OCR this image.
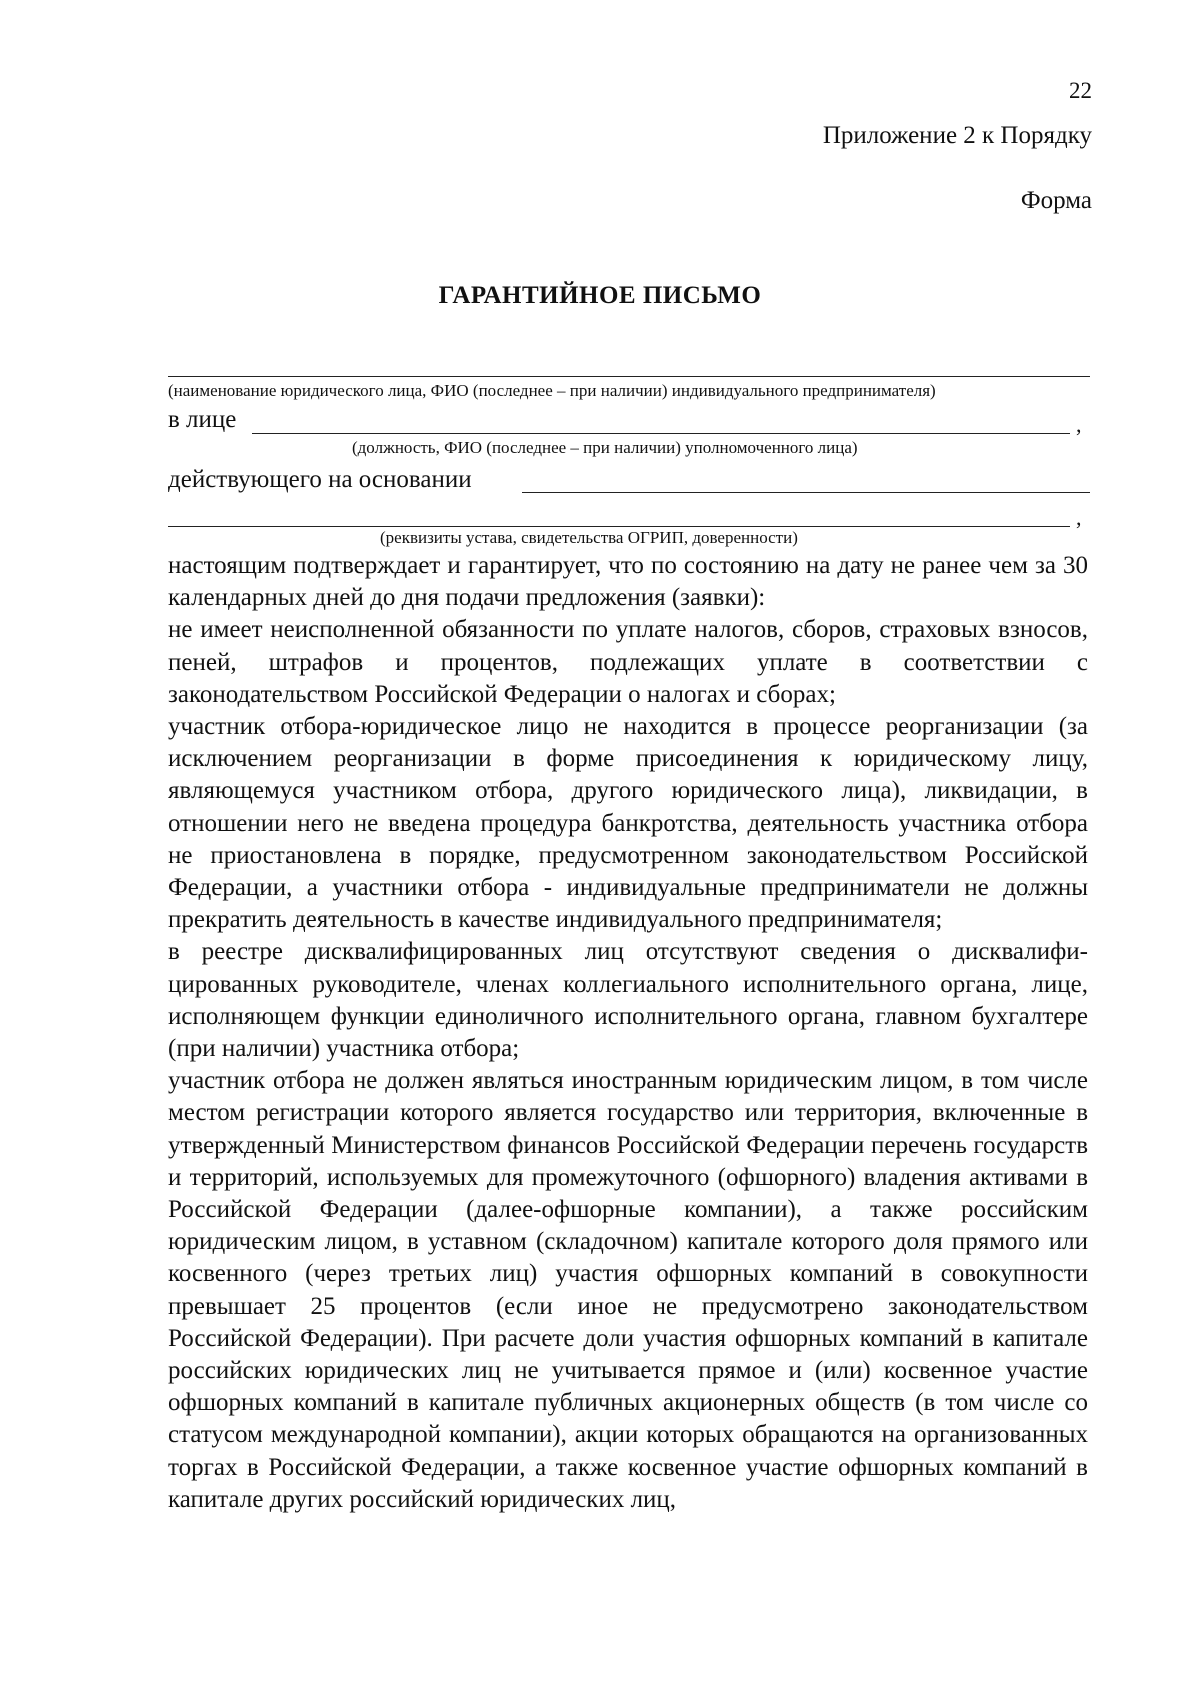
22
Приложение 2 к Порядку
Форма
ГАРАНТИЙНОЕ ПИСЬМО
(наименование юридического лица, ФИО (последнее – при наличии) индивидуального предпринимателя)
в лице	,
(должность, ФИО (последнее – при наличии) уполномоченного лица)
действующего на основании
,
(реквизиты устава, свидетельства ОГРИП, доверенности)

настоящим подтверждает и гарантирует, что по состоянию на дату не ранее чем за 30 календарных дней до дня подачи предложения (заявки):

не имеет неисполненной обязанности по уплате налогов, сборов, страховых взносов, пеней, штрафов и процентов, подлежащих уплате в соответствии с законодательством Российской Федерации о налогах и сборах;

участник отбора-юридическое лицо не находится в процессе реорганизации (за исключением реорганизации в форме присоединения к юридическому лицу, являющемуся участником отбора, другого юридического лица), ликвидации, в отношении него не введена процедура банкротства, деятельность участника отбора не приостановлена в порядке, предусмотренном законодательством Российской Федерации, а участники отбора - индивидуальные предприниматели не должны прекратить деятельность в качестве индивидуального предпринимателя;

в реестре дисквалифицированных лиц отсутствуют сведения о дисквалифицированных руководителе, членах коллегиального исполнительного органа, лице, исполняющем функции единоличного исполнительного органа, главном бухгалтере (при наличии) участника отбора;

участник отбора не должен являться иностранным юридическим лицом, в том числе местом регистрации которого является государство или территория, включенные в утвержденный Министерством финансов Российской Федерации перечень государств и территорий, используемых для промежуточного (офшорного) владения активами в Российской Федерации (далее-офшорные компании), а также российским юридическим лицом, в уставном (складочном) капитале которого доля прямого или косвенного (через третьих лиц) участия офшорных компаний в совокупности превышает 25 процентов (если иное не предусмотрено законодательством Российской Федерации). При расчете доли участия офшорных компаний в капитале российских юридических лиц не учитывается прямое и (или) косвенное участие офшорных компаний в капитале публичных акционерных обществ (в том числе со статусом международной компании), акции которых обращаются на организованных торгах в Российской Федерации, а также косвенное участие офшорных компаний в капитале других российский юридических лиц,
